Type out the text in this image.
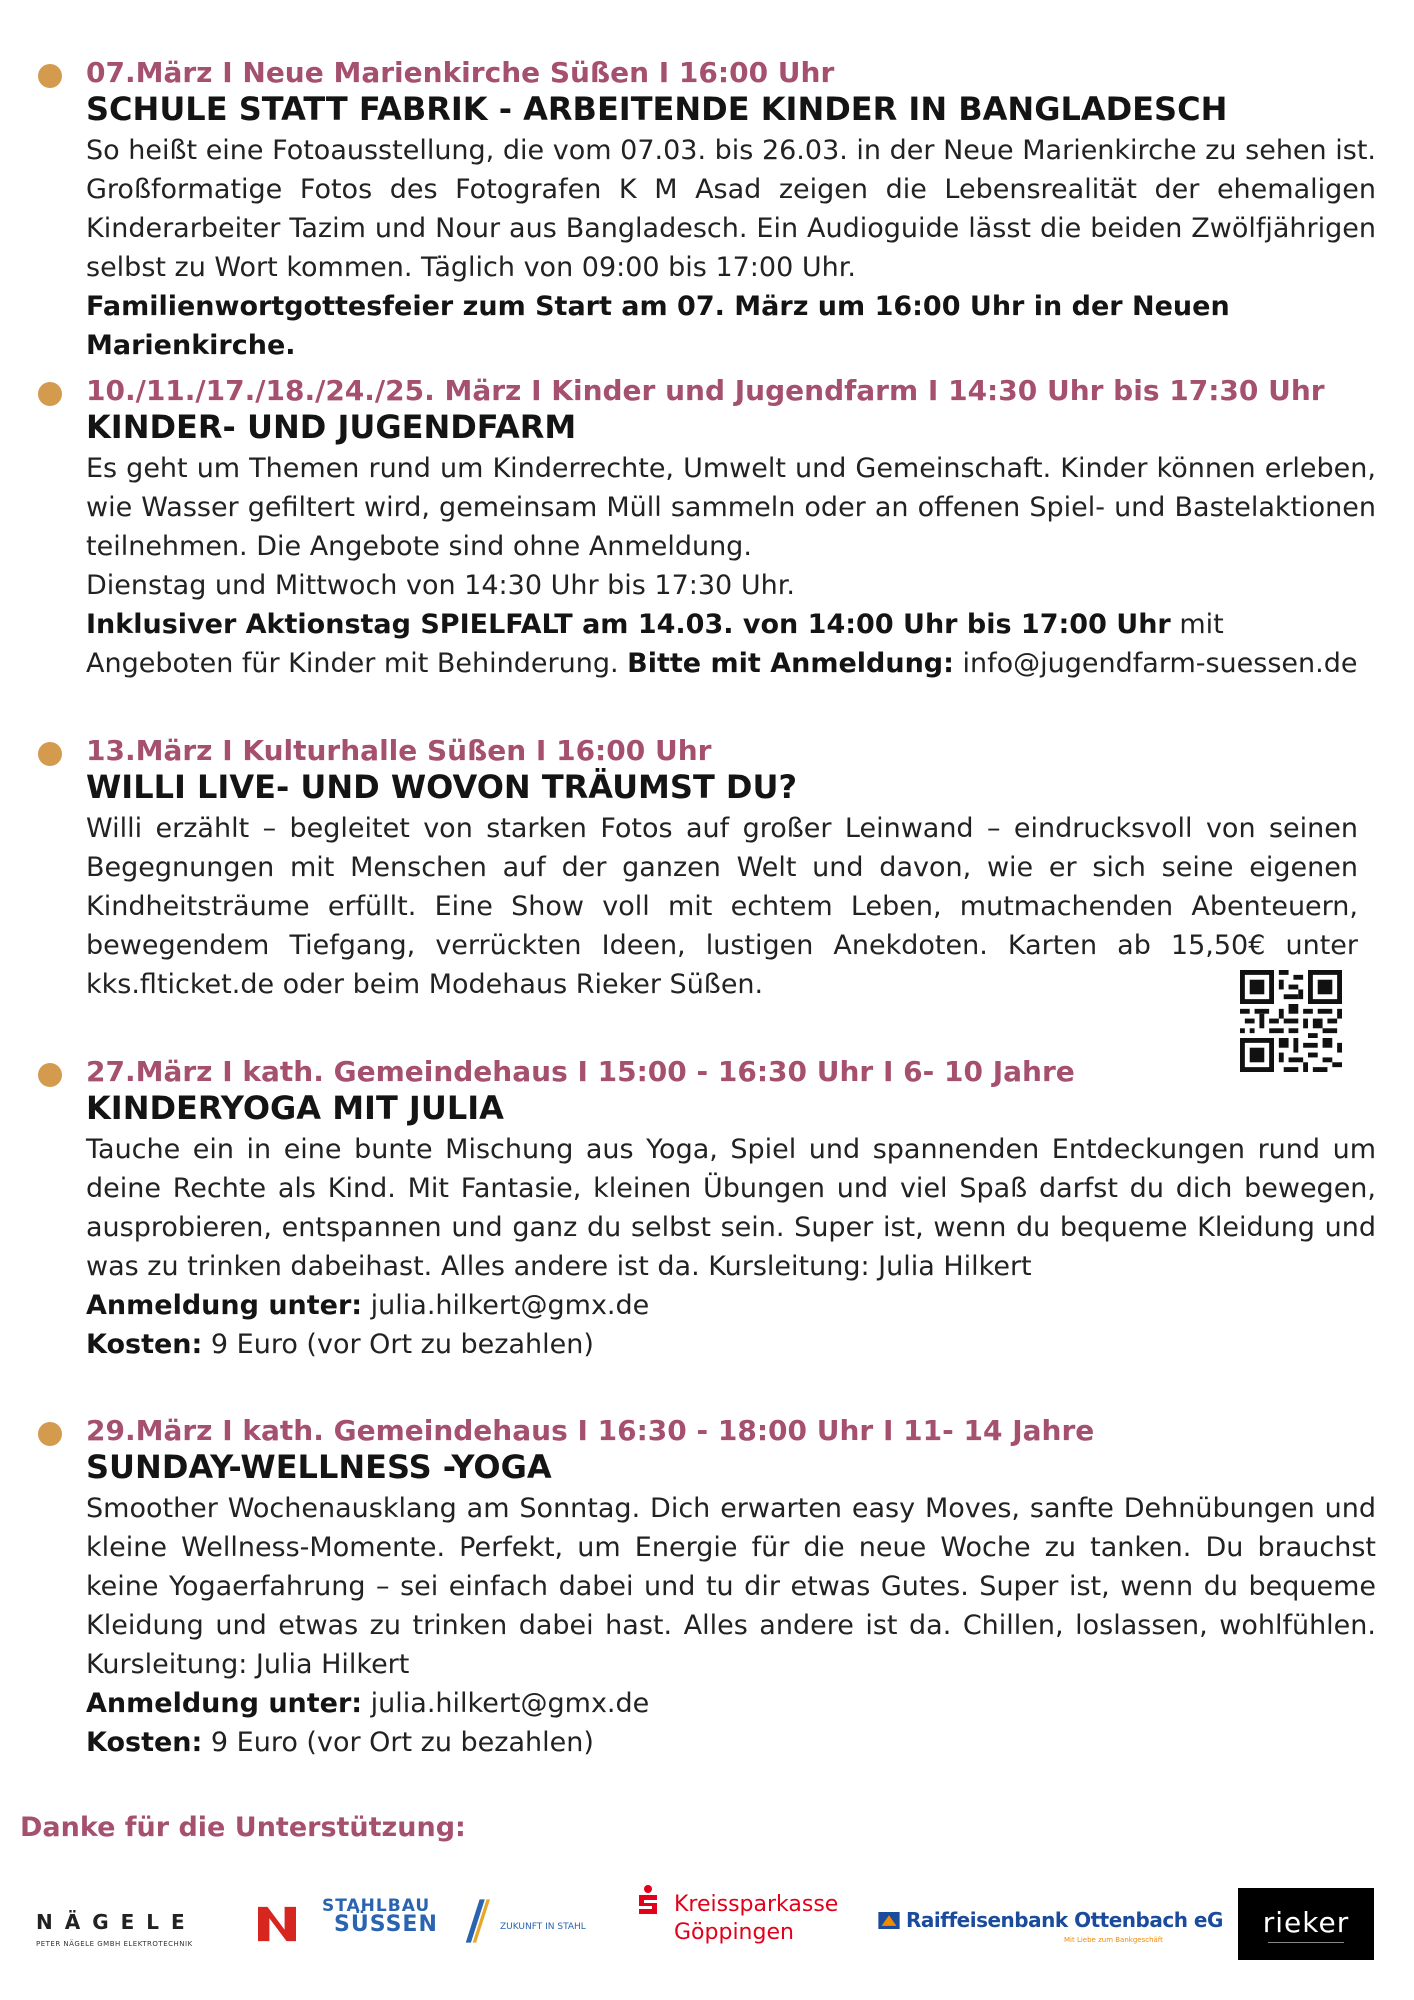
07.März I Neue Marienkirche Süßen I 16:00 Uhr
SCHULE STATT FABRIK - ARBEITENDE KINDER IN BANGLADESCH

So heißt eine Fotoausstellung, die vom 07.03. bis 26.03. in der Neue Marienkirche zu sehen ist. Großformatige Fotos des Fotografen K M Asad zeigen die Lebensrealität der ehemaligen Kinderarbeiter Tazim und Nour aus Bangladesch. Ein Audioguide lässt die beiden Zwölfjährigen selbst zu Wort kommen. Täglich von 09:00 bis 17:00 Uhr.

Familienwortgottesfeier zum Start am 07. März um 16:00 Uhr in der Neuen Marienkirche.

10./11./17./18./24./25. März I Kinder und Jugendfarm I 14:30 Uhr bis 17:30 Uhr
KINDER- UND JUGENDFARM

Es geht um Themen rund um Kinderrechte, Umwelt und Gemeinschaft. Kinder können erleben, wie Wasser gefiltert wird, gemeinsam Müll sammeln oder an offenen Spiel- und Bastelaktionen teilnehmen. Die Angebote sind ohne Anmeldung.

Dienstag und Mittwoch von 14:30 Uhr bis 17:30 Uhr.

Inklusiver Aktionstag SPIELFALT am 14.03. von 14:00 Uhr bis 17:00 Uhr mit Angeboten für Kinder mit Behinderung. Bitte mit Anmeldung: info@jugendfarm-suessen.de

13.März I Kulturhalle Süßen I 16:00 Uhr
WILLI LIVE- UND WOVON TRÄUMST DU?

Willi erzählt – begleitet von starken Fotos auf großer Leinwand – eindrucksvoll von seinen Begegnungen mit Menschen auf der ganzen Welt und davon, wie er sich seine eigenen Kindheitsträume erfüllt. Eine Show voll mit echtem Leben, mutmachenden Abenteuern, bewegendem Tiefgang, verrückten Ideen, lustigen Anekdoten. Karten ab 15,50€ unter kks.flticket.de oder beim Modehaus Rieker Süßen.

27.März I kath. Gemeindehaus I 15:00 - 16:30 Uhr I 6- 10 Jahre
KINDERYOGA MIT JULIA

Tauche ein in eine bunte Mischung aus Yoga, Spiel und spannenden Entdeckungen rund um deine Rechte als Kind. Mit Fantasie, kleinen Übungen und viel Spaß darfst du dich bewegen, ausprobieren, entspannen und ganz du selbst sein. Super ist, wenn du bequeme Kleidung und was zu trinken dabeihast. Alles andere ist da. Kursleitung: Julia Hilkert

Anmeldung unter: julia.hilkert@gmx.de

Kosten: 9 Euro (vor Ort zu bezahlen)

29.März I kath. Gemeindehaus I 16:30 - 18:00 Uhr I 11- 14 Jahre
SUNDAY-WELLNESS -YOGA

Smoother Wochenausklang am Sonntag. Dich erwarten easy Moves, sanfte Dehnübungen und kleine Wellness-Momente. Perfekt, um Energie für die neue Woche zu tanken. Du brauchst keine Yogaerfahrung – sei einfach dabei und tu dir etwas Gutes. Super ist, wenn du bequeme Kleidung und etwas zu trinken dabei hast. Alles andere ist da. Chillen, loslassen, wohlfühlen. Kursleitung: Julia Hilkert

Anmeldung unter: julia.hilkert@gmx.de

Kosten: 9 Euro (vor Ort zu bezahlen)

Danke für die Unterstützung:
NÄGELE
PETER NÄGELE GMBH ELEKTROTECHNIK
STAHLBAU
SÜSSEN	ZUKUNFT IN STAHL
Kreissparkasse
Göppingen	Raiffeisenbank Ottenbach eG
Mit Liebe zum Bankgeschäft
rieker
